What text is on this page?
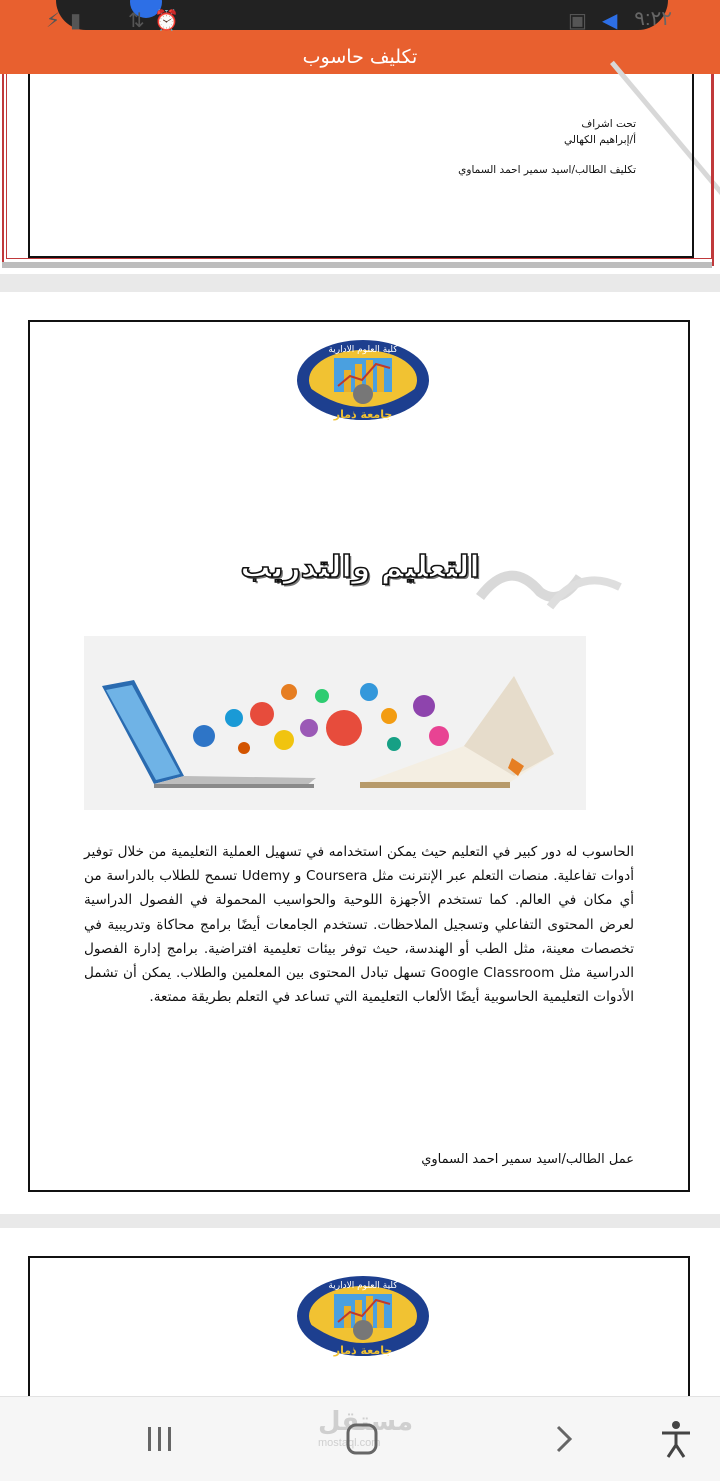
⚡ ▮ ⇅ ⏰	▣ ◀ ٩:٢٢
تكليف حاسوب
تحت اشراف
أ/إبراهيم الكهالي
تكليف الطالب/اسيد سمير احمد السماوي
كلية العلوم الادارية
جامعة ذمار
THAMAR UNIVERSITY
التعليم والتدريب
الحاسوب له دور كبير في التعليم حيث يمكن استخدامه في تسهيل العملية التعليمية من خلال توفير أدوات تفاعلية. منصات التعلم عبر الإنترنت مثل Coursera و Udemy تسمح للطلاب بالدراسة من أي مكان في العالم. كما تستخدم الأجهزة اللوحية والحواسيب المحمولة في الفصول الدراسية لعرض المحتوى التفاعلي وتسجيل الملاحظات. تستخدم الجامعات أيضًا برامج محاكاة وتدريبية في تخصصات معينة، مثل الطب أو الهندسة، حيث توفر بيئات تعليمية افتراضية. برامج إدارة الفصول الدراسية مثل Google Classroom تسهل تبادل المحتوى بين المعلمين والطلاب. يمكن أن تشمل الأدوات التعليمية الحاسوبية أيضًا الألعاب التعليمية التي تساعد في التعلم بطريقة ممتعة.
عمل الطالب/اسيد سمير احمد السماوي
كلية العلوم الادارية
جامعة ذمار
THAMAR UNIVERSITY
مستقل
mostaql.com
